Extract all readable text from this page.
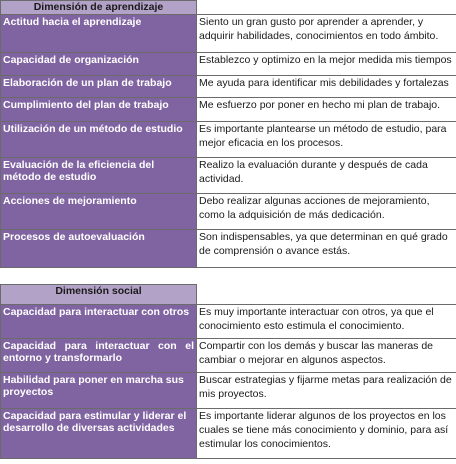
Dimensión de aprendizaje	
Actitud hacia el aprendizaje	Siento un gran gusto por aprender a aprender, y adquirir habilidades, conocimientos en todo ámbito.
Capacidad de organización	Establezco y optimizo en la mejor medida mis tiempos
Elaboración de un plan de trabajo	Me ayuda para identificar mis debilidades y fortalezas
Cumplimiento del plan de trabajo	Me esfuerzo por poner en hecho mi plan de trabajo.
Utilización de un método de estudio	Es importante plantearse un método de estudio, para mejor eficacia en los procesos.
Evaluación de la eficiencia del método de estudio	Realizo la evaluación durante y después de cada actividad.
Acciones de mejoramiento	Debo realizar algunas acciones de mejoramiento, como la adquisición de más dedicación.
Procesos de autoevaluación	Son indispensables, ya que determinan en qué grado de comprensión o avance estás.
Dimensión social	
Capacidad para interactuar con otros	Es muy importante interactuar con otros, ya que el conocimiento esto estimula el conocimiento.
Capacidad para interactuar con el entorno y transformarlo	Compartir con los demás y buscar las maneras de cambiar o mejorar en algunos aspectos.
Habilidad para poner en marcha sus proyectos	Buscar estrategias y fijarme metas para realización de mis proyectos.
Capacidad para estimular y liderar el desarrollo de diversas actividades	Es importante liderar algunos de los proyectos en los cuales se tiene más conocimiento y dominio, para así estimular los conocimientos.
